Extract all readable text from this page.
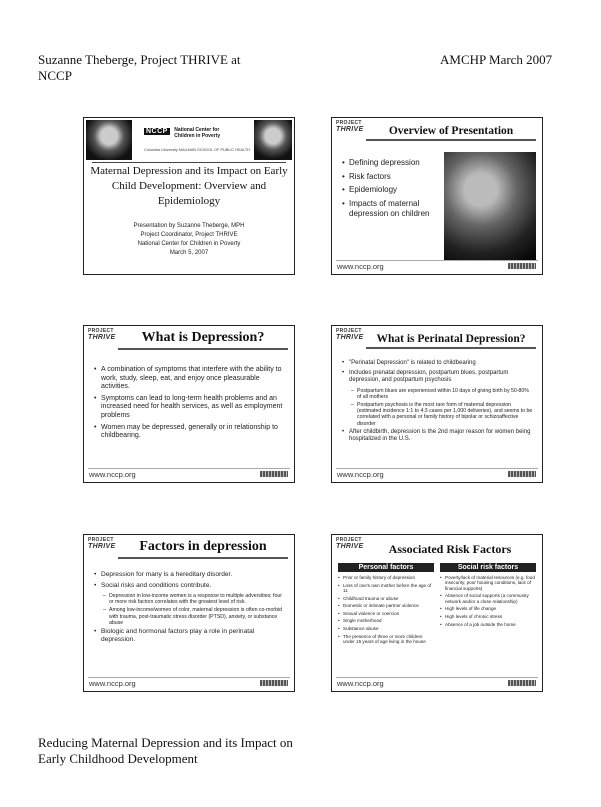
Suzanne Theberge, Project THRIVE at NCCP
AMCHP March 2007
NCCP National Center for Children in Poverty
Columbia University MAILMAN SCHOOL OF PUBLIC HEALTH
Maternal Depression and its Impact on Early Child Development: Overview and Epidemiology
Presentation by Suzanne Theberge, MPH
Project Coordinator, Project THRIVE
National Center for Children in Poverty
March 5, 2007
PROJECT
THRIVE	Overview of Presentation
• Defining depression
• Risk factors
• Epidemiology
• Impacts of maternal depression on children
www.nccp.org
PROJECT
THRIVE	What is Depression?
• A combination of symptoms that interfere with the ability to work, study, sleep, eat, and enjoy once pleasurable activities.
• Symptoms can lead to long-term health problems and an increased need for health services, as well as employment problems
• Women may be depressed, generally or in relationship to childbearing.
www.nccp.org
PROJECT
THRIVE	What is Perinatal Depression?
• "Perinatal Depression" is related to childbearing
• Includes prenatal depression, postpartum blues, postpartum depression, and postpartum psychosis
– Postpartum blues are experienced within 10 days of giving birth by 50-80% of all mothers
– Postpartum psychosis is the most rare form of maternal depression (estimated incidence 1:1 to 4:3 cases per 1,000 deliveries), and seems to be correlated with a personal or family history of bipolar or schizoaffective disorder
• After childbirth, depression is the 2nd major reason for women being hospitalized in the U.S.
www.nccp.org
PROJECT
THRIVE	Factors in depression
• Depression for many is a hereditary disorder.
• Social risks and conditions contribute.
– Depression in low-income women is a response to multiple adversities; four or more risk factors correlates with the greatest level of risk.
– Among low-income/women of color, maternal depression is often co-morbid with trauma, post-traumatic stress disorder (PTSD), anxiety, or substance abuse
• Biologic and hormonal factors play a role in perinatal depression.
www.nccp.org
PROJECT
THRIVE	Associated Risk Factors
Personal factors
• Prior or family history of depression
• Loss of one's own mother before the age of 11
• Childhood trauma or abuse
• Domestic or intimate partner violence
• Sexual violence or coercion
• Single motherhood
• Substance abuse
• The presence of three or more children under 15 years of age living in the house
Social risk factors
• Poverty/lack of material resources (e.g. food insecurity, poor housing conditions, lack of financial supports)
• Absence of social supports (a community network and/or a close relationship)
• High levels of life change
• High levels of chronic stress
• Absence of a job outside the home
www.nccp.org
Reducing Maternal Depression and its Impact on Early Childhood Development
